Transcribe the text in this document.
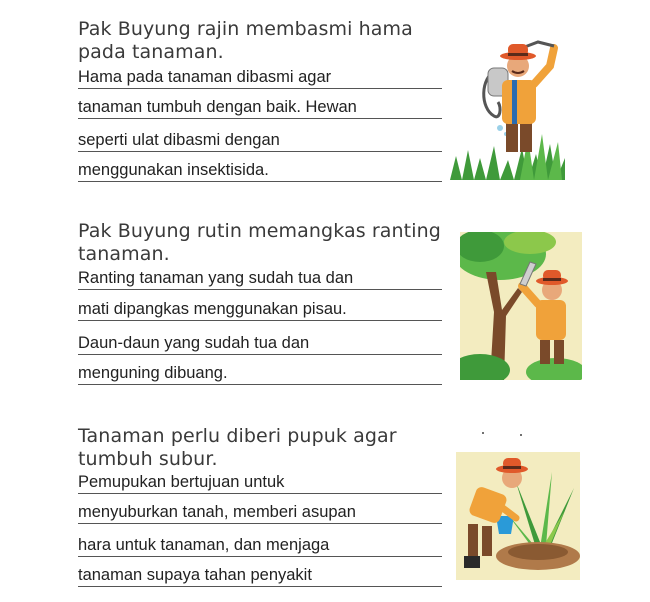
Pak Buyung rajin membasmi hama
pada tanaman.
Hama pada tanaman dibasmi agar
tanaman tumbuh dengan baik. Hewan
seperti ulat dibasmi dengan
menggunakan insektisida.
Pak Buyung rutin memangkas ranting
tanaman.
Ranting tanaman yang sudah tua dan
mati dipangkas menggunakan pisau.
Daun-daun yang sudah tua dan
menguning dibuang.
Tanaman perlu diberi pupuk agar
tumbuh subur.
Pemupukan bertujuan untuk
menyuburkan tanah, memberi asupan
hara untuk tanaman, dan menjaga
tanaman supaya tahan penyakit
